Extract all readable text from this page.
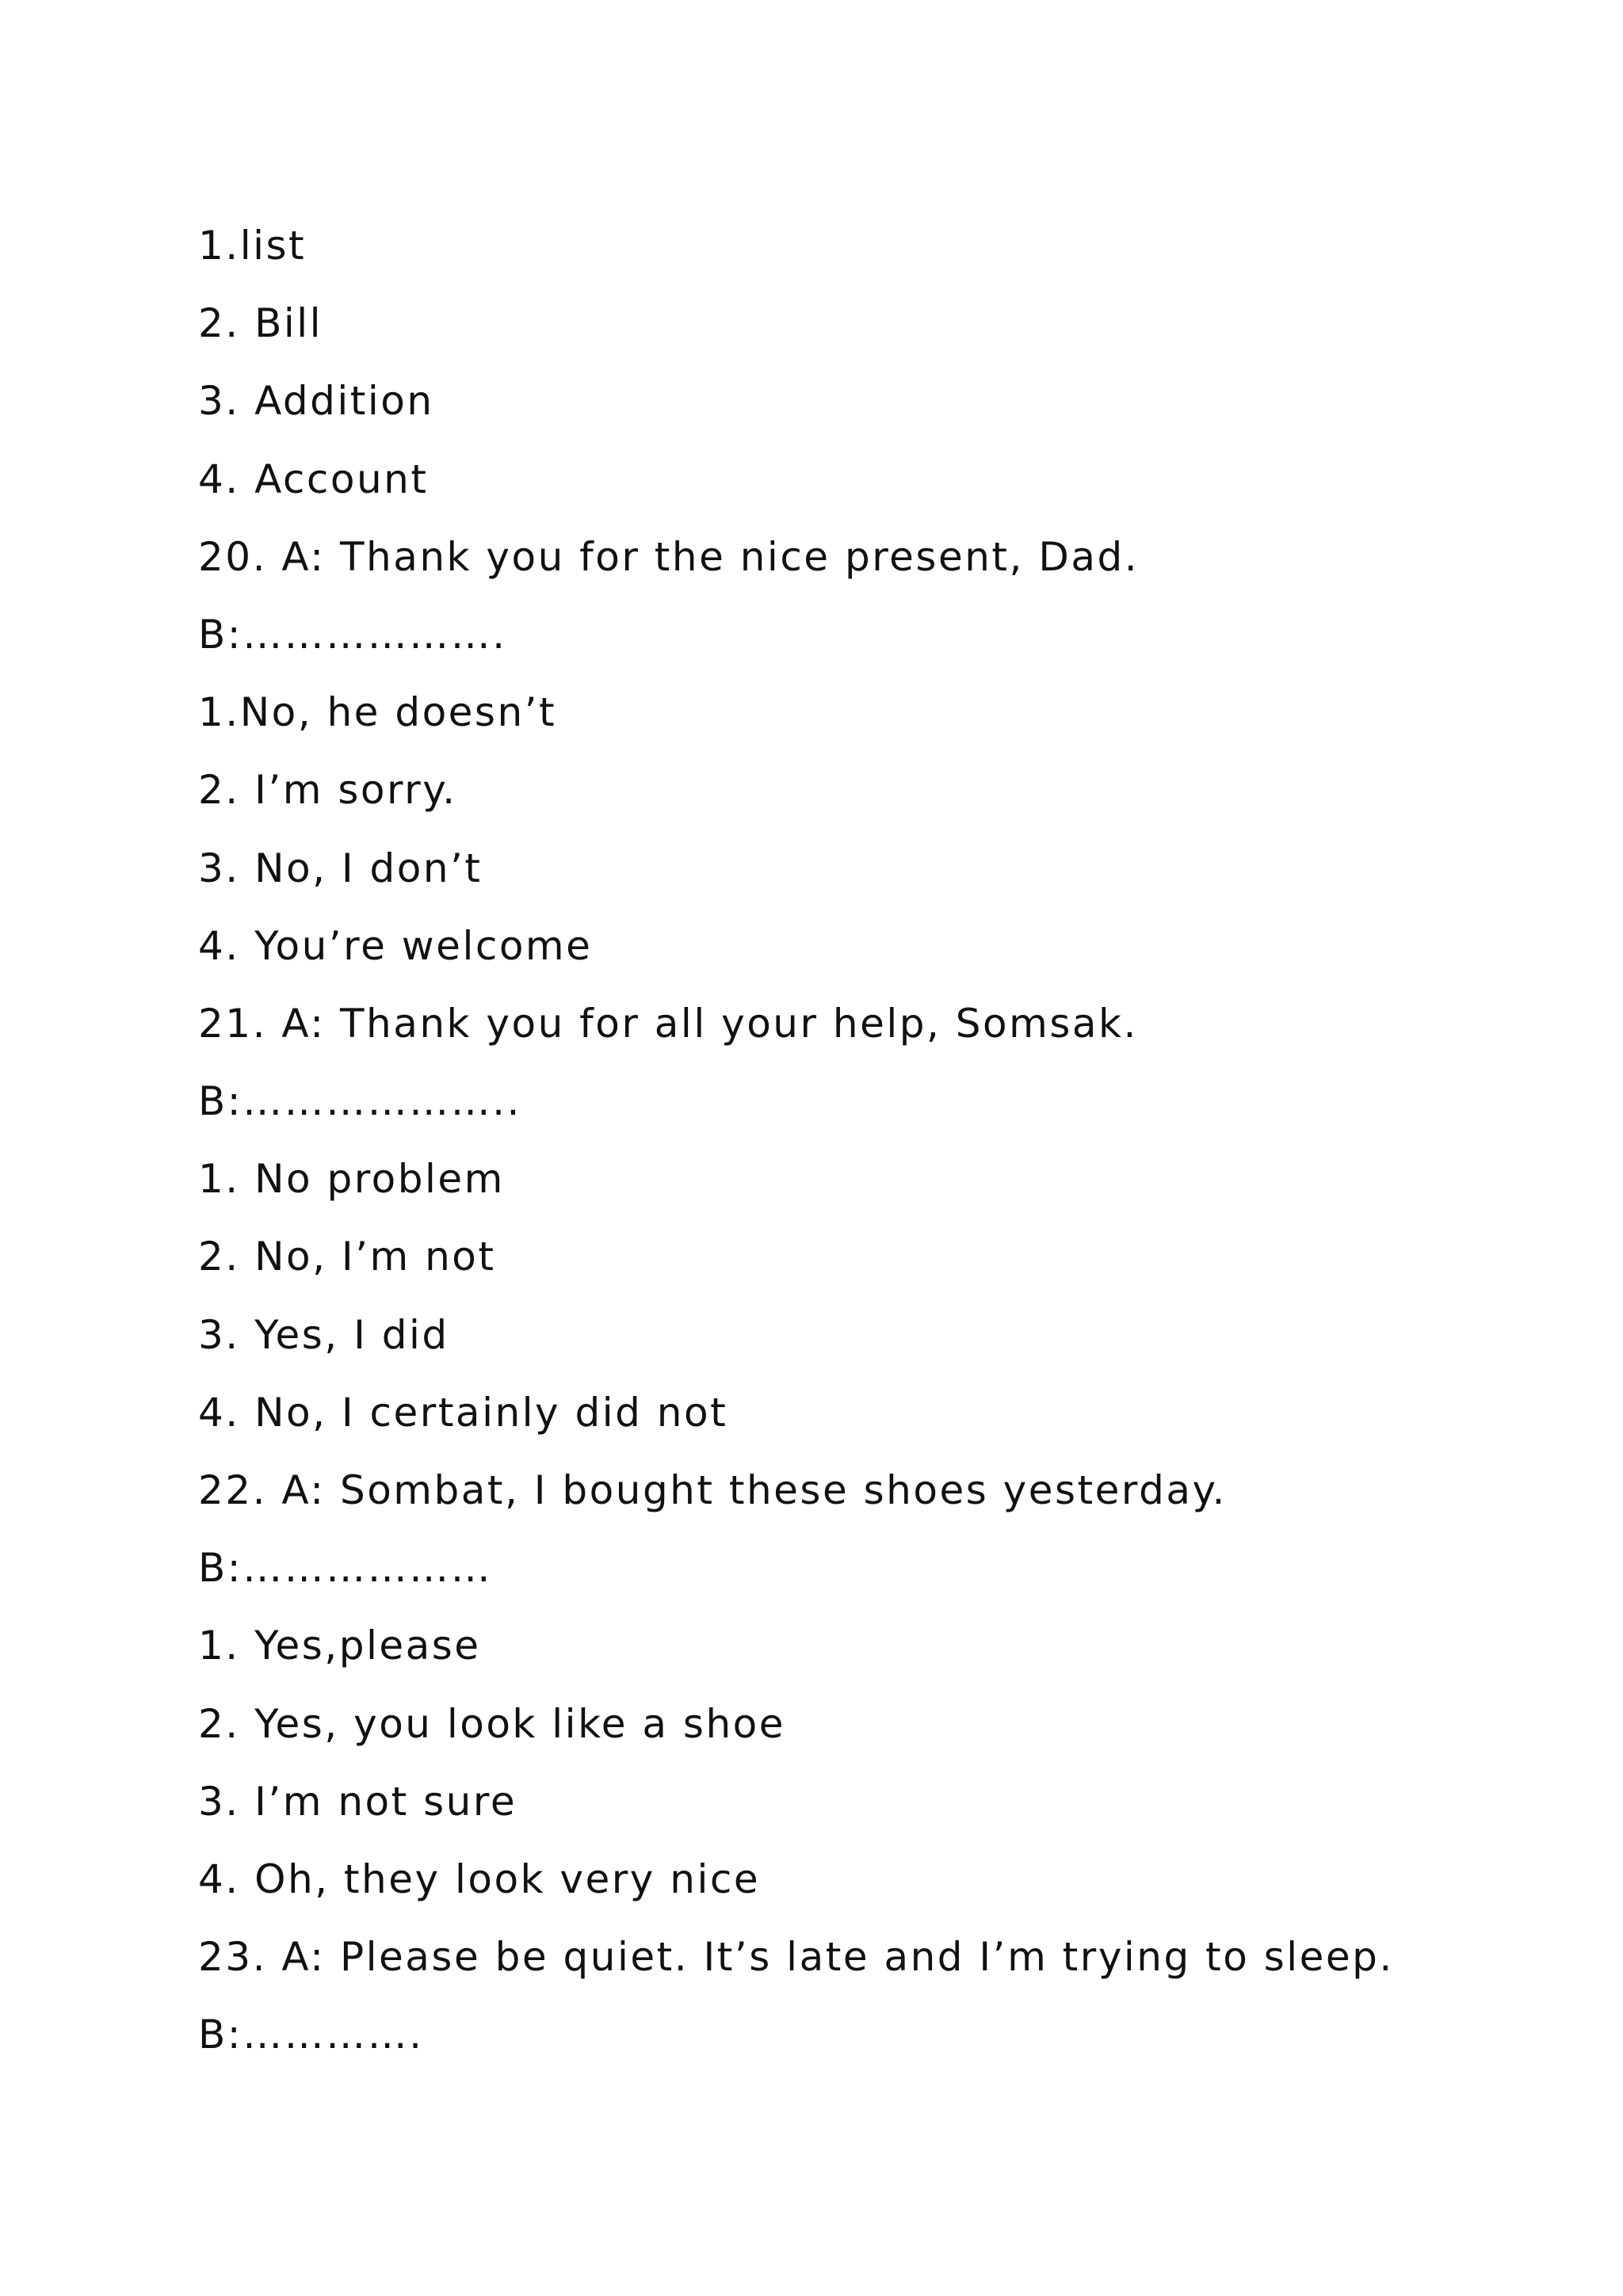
1.list
2. Bill
3. Addition
4. Account
20. A: Thank you for the nice present, Dad.
B:……………….
1.No, he doesn’t
2. I’m sorry.
3. No, I don’t
4. You’re welcome
21. A: Thank you for all your help, Somsak.
B:………………..
1. No problem
2. No, I’m not
3. Yes, I did
4. No, I certainly did not
22. A: Sombat, I bought these shoes yesterday.
B:………………
1. Yes,please
2. Yes, you look like a shoe
3. I’m not sure
4. Oh, they look very nice
23. A: Please be quiet. It’s late and I’m trying to sleep.
B:………….
